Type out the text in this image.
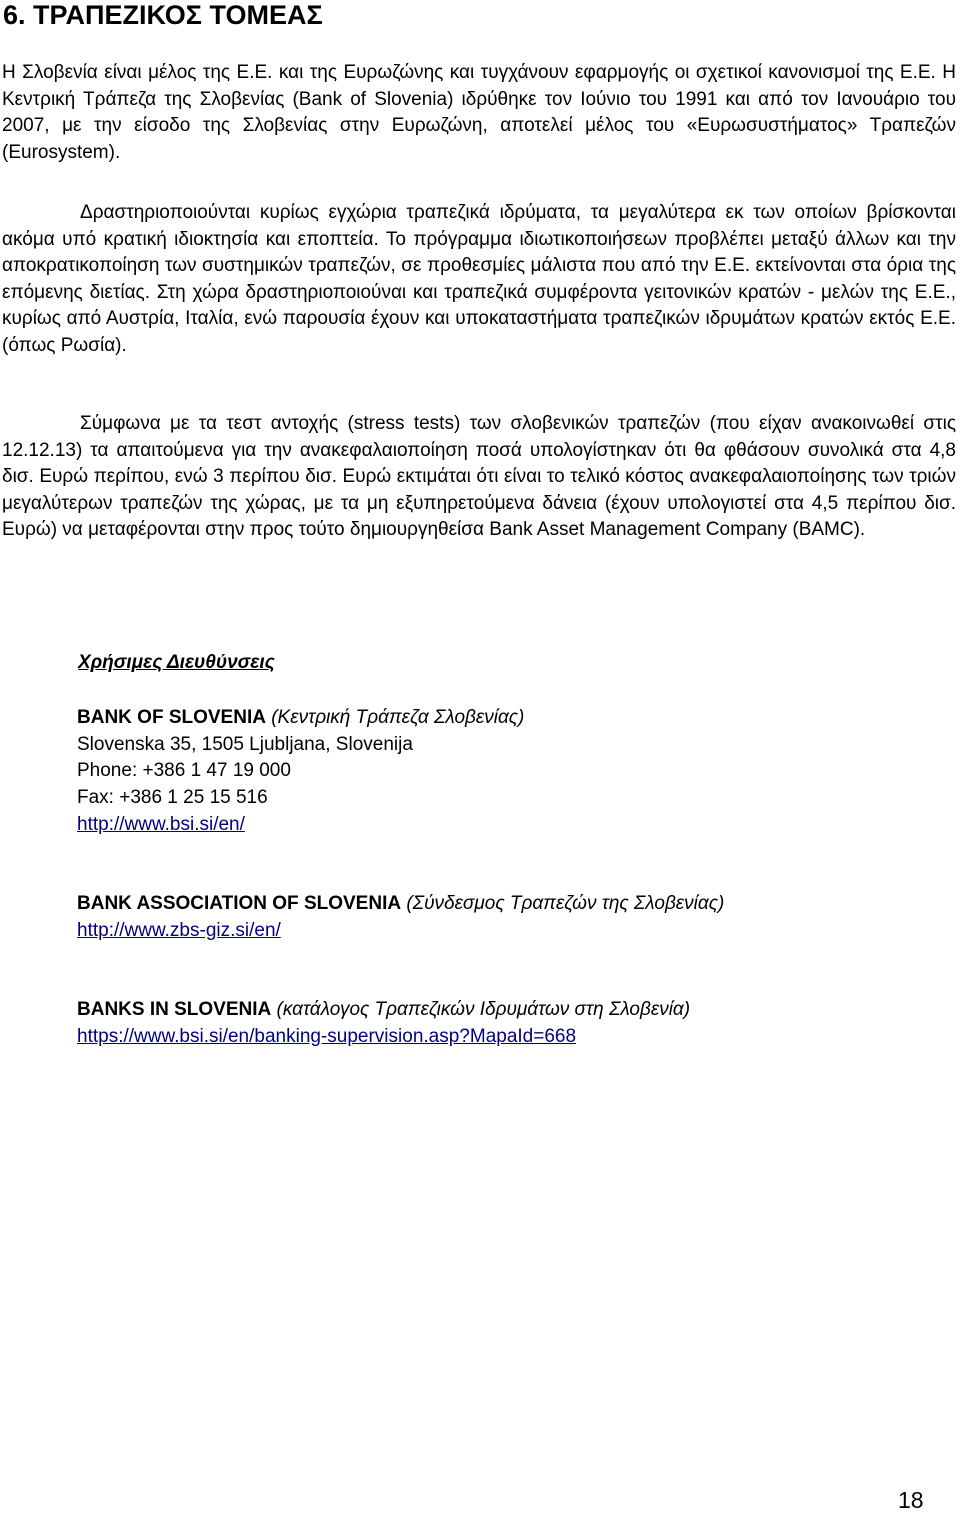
6. ΤΡΑΠΕΖΙΚΟΣ ΤΟΜΕΑΣ

Η Σλοβενία είναι μέλος της Ε.Ε. και της Ευρωζώνης και τυγχάνουν εφαρμογής οι σχετικοί κανονισμοί της Ε.Ε. Η Κεντρική Τράπεζα της Σλοβενίας (Bank of Slovenia) ιδρύθηκε τον Ιούνιο του 1991 και από τον Ιανουάριο του 2007, με την είσοδο της Σλοβενίας στην Ευρωζώνη, αποτελεί μέλος του «Ευρωσυστήματος» Τραπεζών (Eurosystem).

Δραστηριοποιούνται κυρίως εγχώρια τραπεζικά ιδρύματα, τα μεγαλύτερα εκ των οποίων βρίσκονται ακόμα υπό κρατική ιδιοκτησία και εποπτεία. Το πρόγραμμα ιδιωτικοποιήσεων προβλέπει μεταξύ άλλων και την αποκρατικοποίηση των συστημικών τραπεζών, σε προθεσμίες μάλιστα που από την Ε.Ε. εκτείνονται στα όρια της επόμενης διετίας. Στη χώρα δραστηριοποιούναι και τραπεζικά συμφέροντα γειτονικών κρατών - μελών της Ε.Ε., κυρίως από Αυστρία, Ιταλία, ενώ παρουσία έχουν και υποκαταστήματα τραπεζικών ιδρυμάτων κρατών εκτός Ε.Ε. (όπως Ρωσία).

Σύμφωνα με τα τεστ αντοχής (stress tests) των σλοβενικών τραπεζών (που είχαν ανακοινωθεί στις 12.12.13) τα απαιτούμενα για την ανακεφαλαιοποίηση ποσά υπολογίστηκαν ότι θα φθάσουν συνολικά στα 4,8 δισ. Ευρώ περίπου, ενώ 3 περίπου δισ. Ευρώ εκτιμάται ότι είναι το τελικό κόστος ανακεφαλαιοποίησης των τριών μεγαλύτερων τραπεζών της χώρας, με τα μη εξυπηρετούμενα δάνεια (έχουν υπολογιστεί στα 4,5 περίπου δισ. Ευρώ) να μεταφέρονται στην προς τούτο δημιουργηθείσα Bank Asset Management Company (BAMC).

Χρήσιμες Διευθύνσεις
BANK OF SLOVENIA (Κεντρική Τράπεζα Σλοβενίας)
Slovenska 35, 1505 Ljubljana, Slovenija
Phone: +386 1 47 19 000
Fax: +386 1 25 15 516
http://www.bsi.si/en/
BANK ASSOCIATION OF SLOVENIA (Σύνδεσμος Τραπεζών της Σλοβενίας)
http://www.zbs-giz.si/en/
BANKS IN SLOVENIA (κατάλογος Τραπεζικών Ιδρυμάτων στη Σλοβενία)
https://www.bsi.si/en/banking-supervision.asp?MapaId=668
18
